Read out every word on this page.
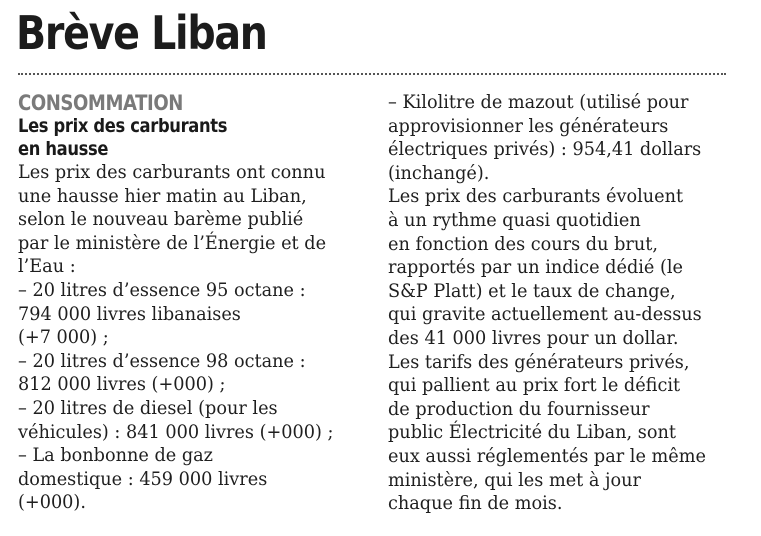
Brève Liban
CONSOMMATION
Les prix des carburants
en hausse
Les prix des carburants ont connu
une hausse hier matin au Liban,
selon le nouveau barème publié
par le ministère de l’Énergie et de
l’Eau :
– 20 litres d’essence 95 octane :
794 000 livres libanaises
(+7 000) ;
– 20 litres d’essence 98 octane :
812 000 livres (+000) ;
– 20 litres de diesel (pour les
véhicules) : 841 000 livres (+000) ;
– La bonbonne de gaz
domestique : 459 000 livres
(+000).
– Kilolitre de mazout (utilisé pour
approvisionner les générateurs
électriques privés) : 954,41 dollars
(inchangé).
Les prix des carburants évoluent
à un rythme quasi quotidien
en fonction des cours du brut,
rapportés par un indice dédié (le
S&P Platt) et le taux de change,
qui gravite actuellement au-dessus
des 41 000 livres pour un dollar.
Les tarifs des générateurs privés,
qui pallient au prix fort le déficit
de production du fournisseur
public Électricité du Liban, sont
eux aussi réglementés par le même
ministère, qui les met à jour
chaque fin de mois.
